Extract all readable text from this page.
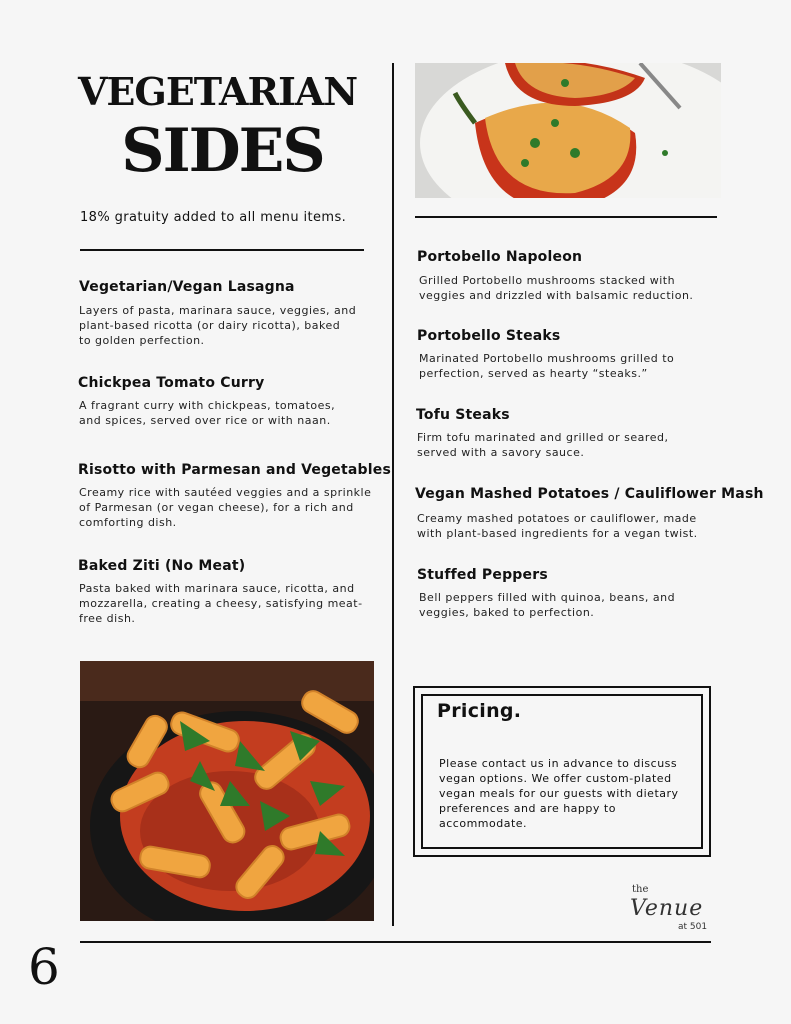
VEGETARIAN
SIDES
18% gratuity added to all menu items.
Vegetarian/Vegan Lasagna
Layers of pasta, marinara sauce, veggies, and
plant-based ricotta (or dairy ricotta), baked
to golden perfection.
Chickpea Tomato Curry
A fragrant curry with chickpeas, tomatoes,
and spices, served over rice or with naan.
Risotto with Parmesan and Vegetables
Creamy rice with sautéed veggies and a sprinkle
of Parmesan (or vegan cheese), for a rich and
comforting dish.
Baked Ziti (No Meat)
Pasta baked with marinara sauce, ricotta, and
mozzarella, creating a cheesy, satisfying meat-
free dish.
Portobello Napoleon
Grilled Portobello mushrooms stacked with
veggies and drizzled with balsamic reduction.
Portobello Steaks
Marinated Portobello mushrooms grilled to
perfection, served as hearty “steaks.”
Tofu Steaks
Firm tofu marinated and grilled or seared,
served with a savory sauce.
Vegan Mashed Potatoes / Cauliflower Mash
Creamy mashed potatoes or cauliflower, made
with plant-based ingredients for a vegan twist.
Stuffed Peppers
Bell peppers filled with quinoa, beans, and
veggies, baked to perfection.
Pricing.
Please contact us in advance to discuss
vegan options. We offer custom-plated
vegan meals for our guests with dietary
preferences and are happy to
accommodate.
the
Venue
at 501
6
